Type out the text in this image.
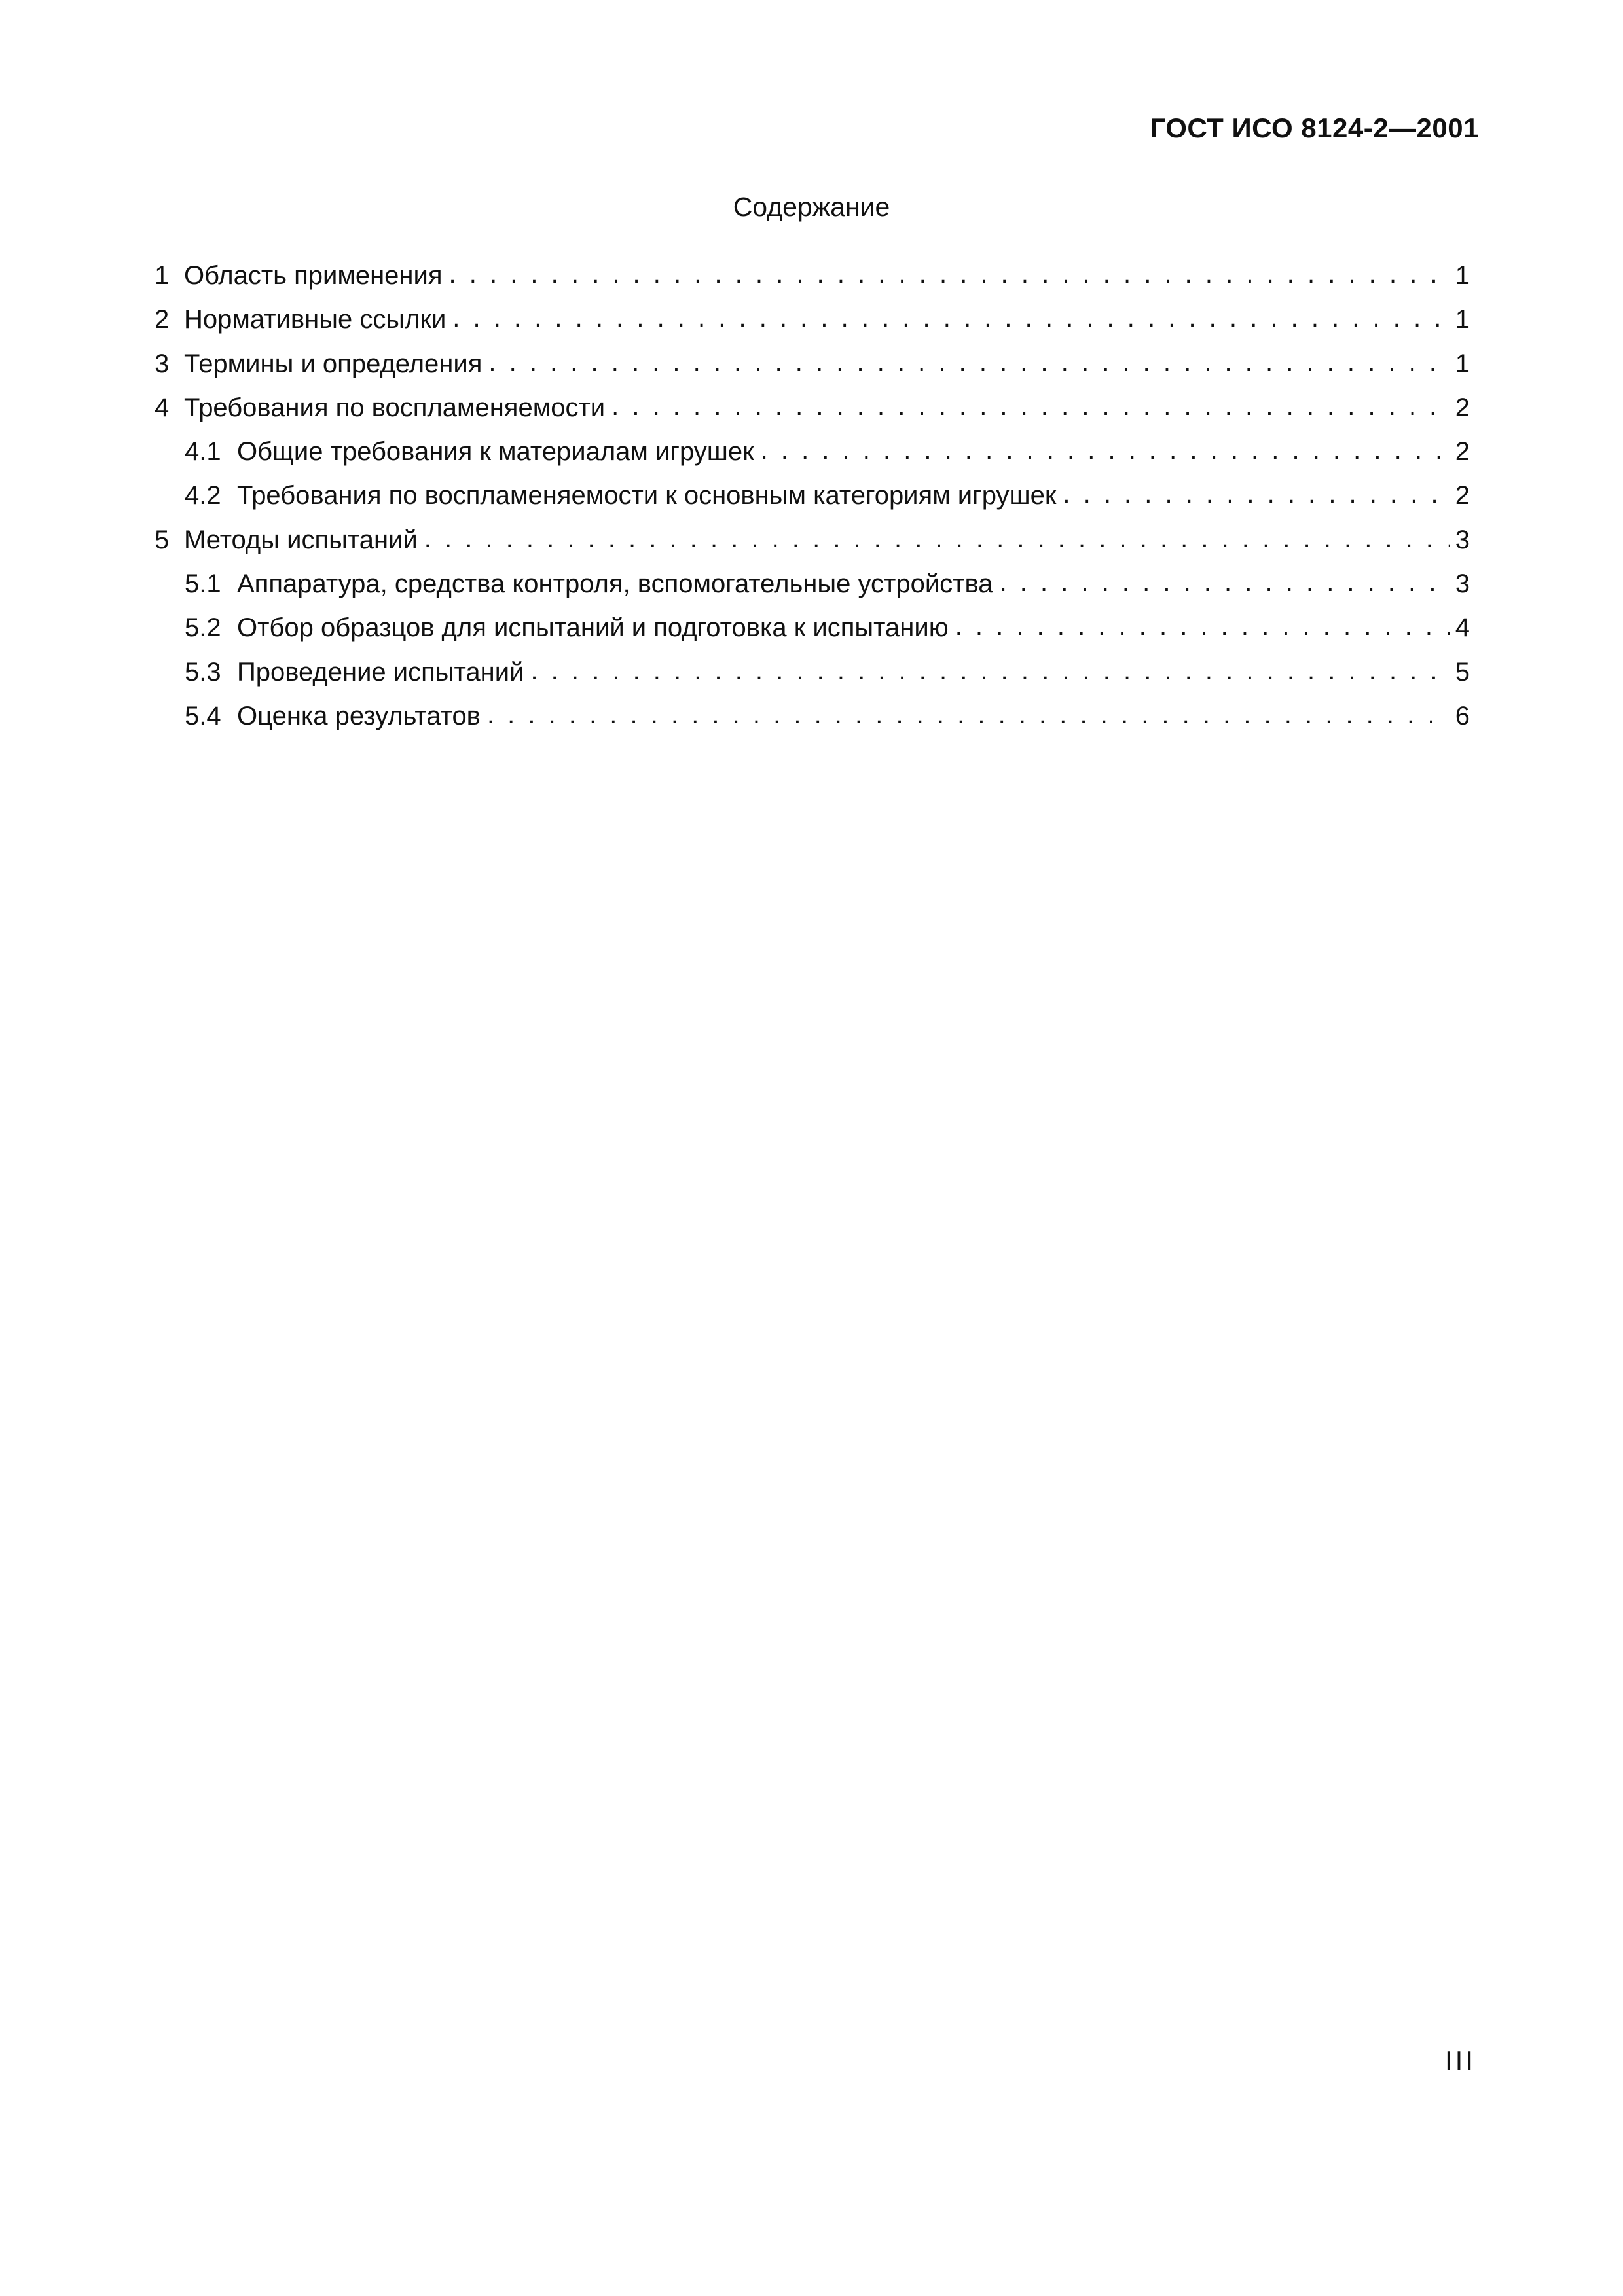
ГОСТ ИСО 8124-2—2001
Содержание
1 Область применения . . .	1
2 Нормативные ссылки . . .	1
3 Термины и определения . . .	1
4 Требования по воспламеняемости . . .	2
4.1 Общие требования к материалам игрушек . . .	2
4.2 Требования по воспламеняемости к основным категориям игрушек . . .	2
5 Методы испытаний . . .	3
5.1 Аппаратура, средства контроля, вспомогательные устройства . . .	3
5.2 Отбор образцов для испытаний и подготовка к испытанию . . .	4
5.3 Проведение испытаний . . .	5
5.4 Оценка результатов . . .	6
III
